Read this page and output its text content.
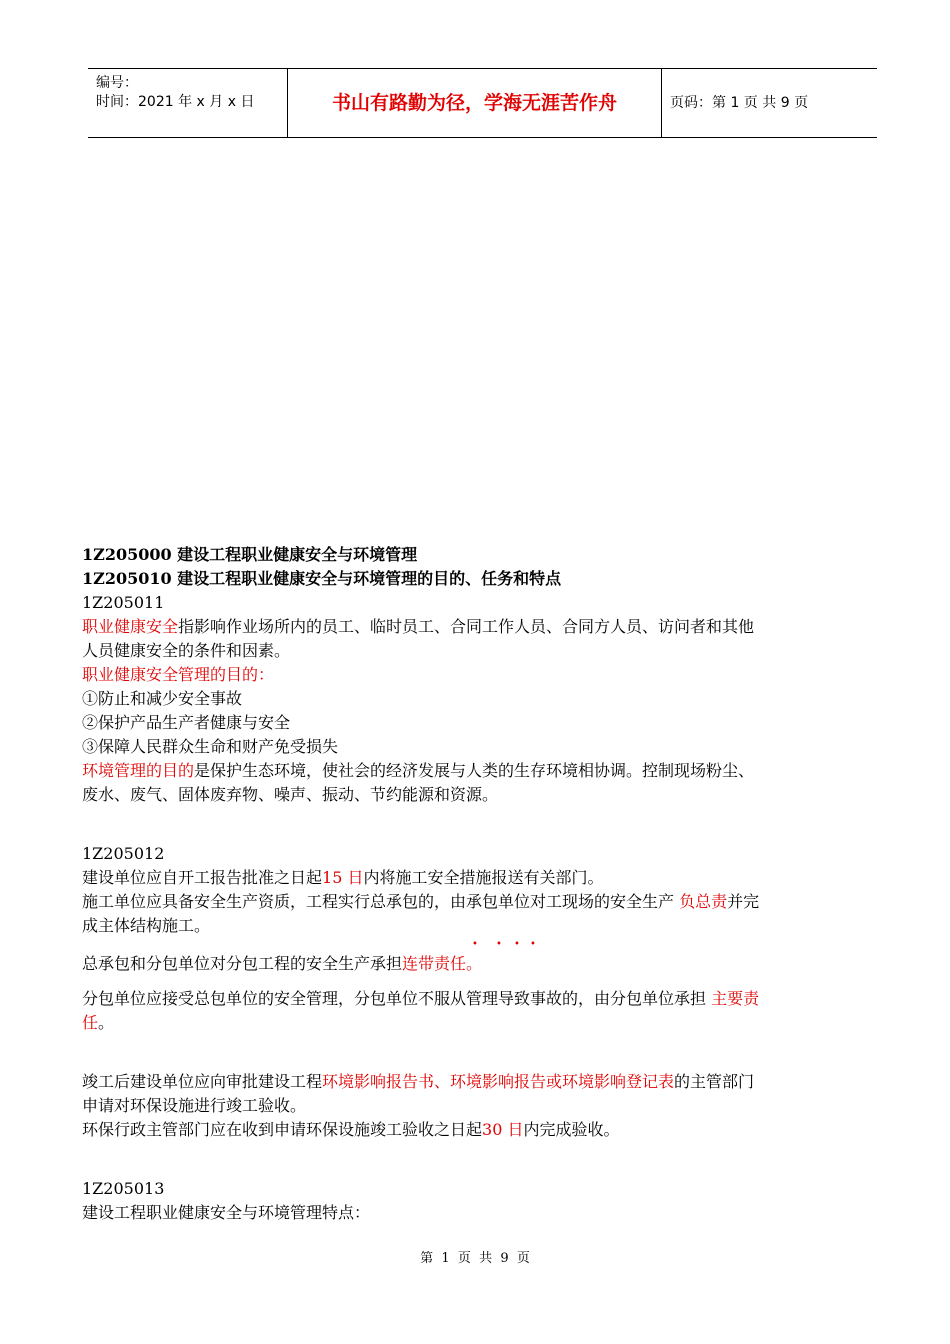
编号：
时间：2021 年 x 月 x 日	书山有路勤为径，学海无涯苦作舟	页码：第 1 页 共 9 页
1Z205000 建设工程职业健康安全与环境管理
1Z205010 建设工程职业健康安全与环境管理的目的、任务和特点
1Z205011
职业健康安全指影响作业场所内的员工、临时员工、合同工作人员、合同方人员、访问者和其他
人员健康安全的条件和因素。
职业健康安全管理的目的：
①防止和减少安全事故
②保护产品生产者健康与安全
③保障人民群众生命和财产免受损失
环境管理的目的是保护生态环境，使社会的经济发展与人类的生存环境相协调。控制现场粉尘、
废水、废气、固体废弃物、噪声、振动、节约能源和资源。
1Z205012
建设单位应自开工报告批准之日起15 日内将施工安全措施报送有关部门。
施工单位应具备安全生产资质，工程实行总承包的，由承包单位对工现场的安全生产 负总责并完
成主体结构施工。
• • • •
总承包和分包单位对分包工程的安全生产承担连带责任。
分包单位应接受总包单位的安全管理，分包单位不服从管理导致事故的，由分包单位承担 主要责
任。
竣工后建设单位应向审批建设工程环境影响报告书、环境影响报告或环境影响登记表的主管部门
申请对环保设施进行竣工验收。
环保行政主管部门应在收到申请环保设施竣工验收之日起30 日内完成验收。
1Z205013
建设工程职业健康安全与环境管理特点：
第  1  页  共  9  页
